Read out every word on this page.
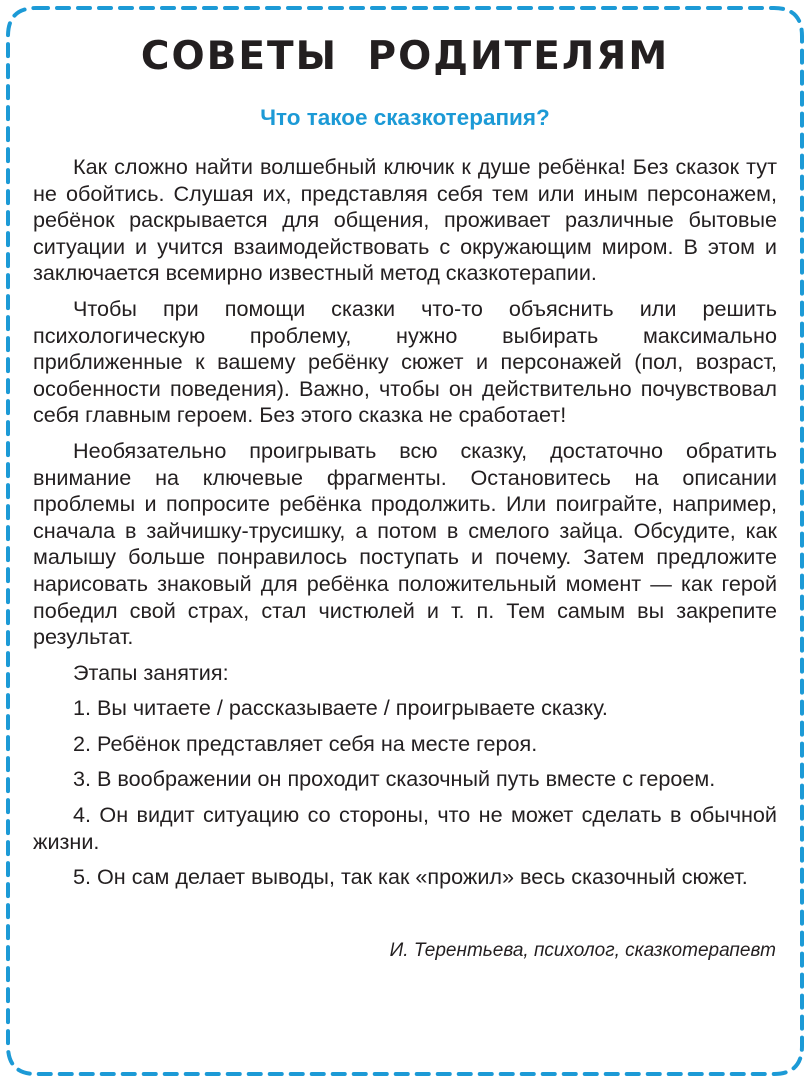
СОВЕТЫ РОДИТЕЛЯМ
Что такое сказкотерапия?

Как сложно найти волшебный ключик к душе ребёнка! Без сказок тут не обойтись. Слушая их, представляя себя тем или иным персонажем, ребёнок раскрывается для общения, проживает различные бытовые ситуации и учится взаимодействовать с окружающим миром. В этом и заключается всемирно известный метод сказкотерапии.

Чтобы при помощи сказки что-то объяснить или решить психологическую проблему, нужно выбирать максимально приближенные к вашему ребёнку сюжет и персонажей (пол, возраст, особенности поведения). Важно, чтобы он действительно почувствовал себя главным героем. Без этого сказка не сработает!

Необязательно проигрывать всю сказку, достаточно обратить внимание на ключевые фрагменты. Остановитесь на описании проблемы и попросите ребёнка продолжить. Или поиграйте, например, сначала в зайчишку-трусишку, а потом в смелого зайца. Обсудите, как малышу больше понравилось поступать и почему. Затем предложите нарисовать знаковый для ребёнка положительный момент — как герой победил свой страх, стал чистюлей и т. п. Тем самым вы закрепите результат.

Этапы занятия:

1. Вы читаете / рассказываете / проигрываете сказку.

2. Ребёнок представляет себя на месте героя.

3. В воображении он проходит сказочный путь вместе с героем.

4. Он видит ситуацию со стороны, что не может сделать в обычной жизни.

5. Он сам делает выводы, так как «прожил» весь сказочный сюжет.

И. Терентьева, психолог, сказкотерапевт
